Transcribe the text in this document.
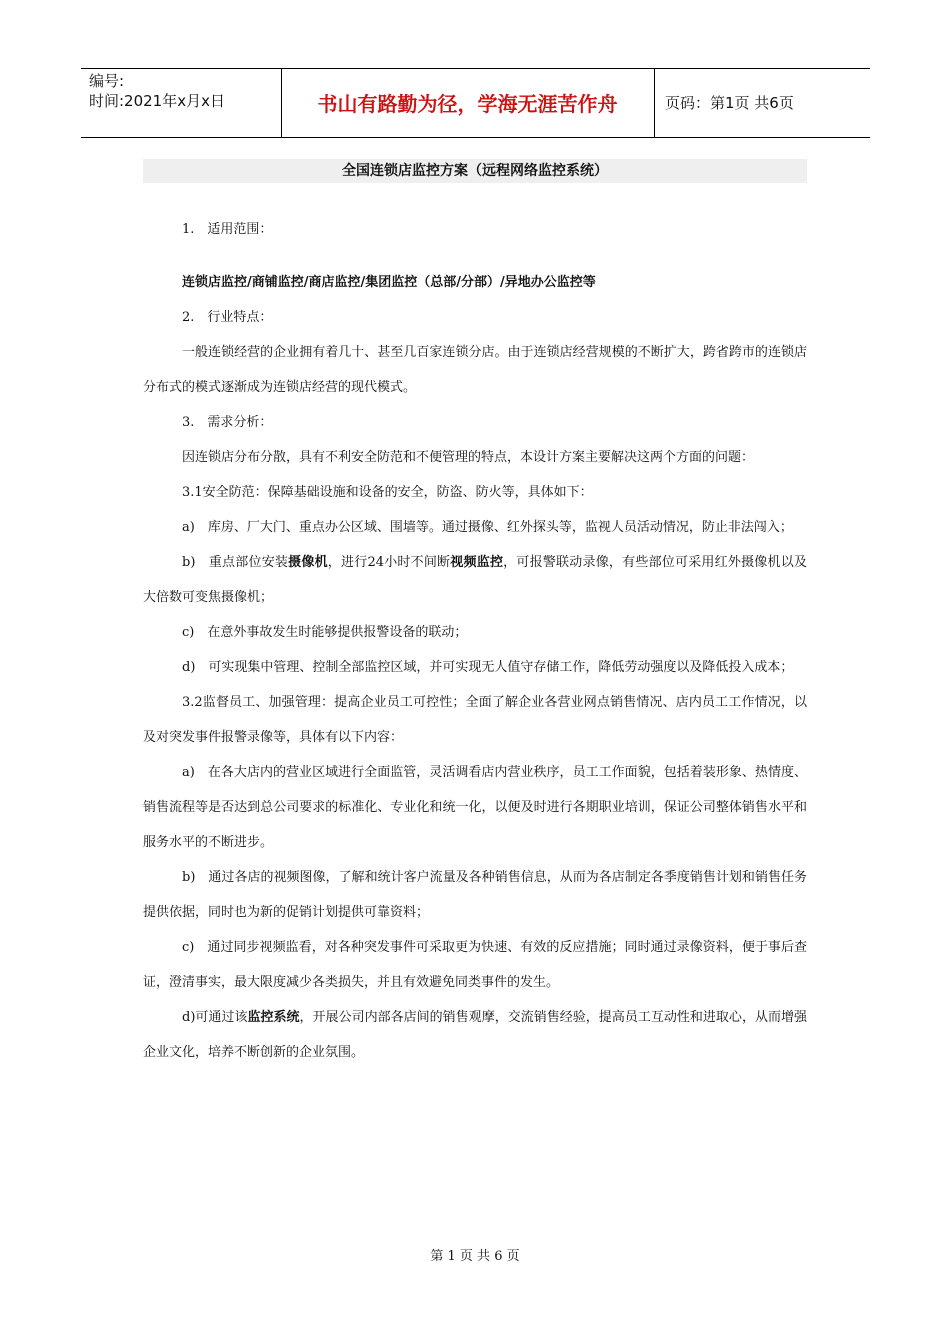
编号:
时间:2021年x月x日	书山有路勤为径，学海无涯苦作舟	页码：第1页 共6页
全国连锁店监控方案（远程网络监控系统）

1.　适用范围：

连锁店监控/商铺监控/商店监控/集团监控（总部/分部）/异地办公监控等

2.　行业特点：

一般连锁经营的企业拥有着几十、甚至几百家连锁分店。由于连锁店经营规模的不断扩大，跨省跨市的连锁店分布式的模式逐渐成为连锁店经营的现代模式。

3.　需求分析：

因连锁店分布分散，具有不利安全防范和不便管理的特点，本设计方案主要解决这两个方面的问题：

3.1安全防范：保障基础设施和设备的安全，防盗、防火等，具体如下：

a)　库房、厂大门、重点办公区域、围墙等。通过摄像、红外探头等，监视人员活动情况，防止非法闯入；

b)　重点部位安装摄像机，进行24小时不间断视频监控，可报警联动录像，有些部位可采用红外摄像机以及大倍数可变焦摄像机；

c)　在意外事故发生时能够提供报警设备的联动；

d)　可实现集中管理、控制全部监控区域，并可实现无人值守存储工作，降低劳动强度以及降低投入成本；

3.2监督员工、加强管理：提高企业员工可控性；全面了解企业各营业网点销售情况、店内员工工作情况，以及对突发事件报警录像等，具体有以下内容：

a)　在各大店内的营业区域进行全面监管，灵活调看店内营业秩序，员工工作面貌，包括着装形象、热情度、销售流程等是否达到总公司要求的标准化、专业化和统一化，以便及时进行各期职业培训，保证公司整体销售水平和服务水平的不断进步。

b)　通过各店的视频图像，了解和统计客户流量及各种销售信息，从而为各店制定各季度销售计划和销售任务提供依据，同时也为新的促销计划提供可靠资料；

c)　通过同步视频监看，对各种突发事件可采取更为快速、有效的反应措施；同时通过录像资料，便于事后查证，澄清事实，最大限度减少各类损失，并且有效避免同类事件的发生。

d)可通过该监控系统，开展公司内部各店间的销售观摩，交流销售经验，提高员工互动性和进取心，从而增强企业文化，培养不断创新的企业氛围。

第 1 页 共 6 页
